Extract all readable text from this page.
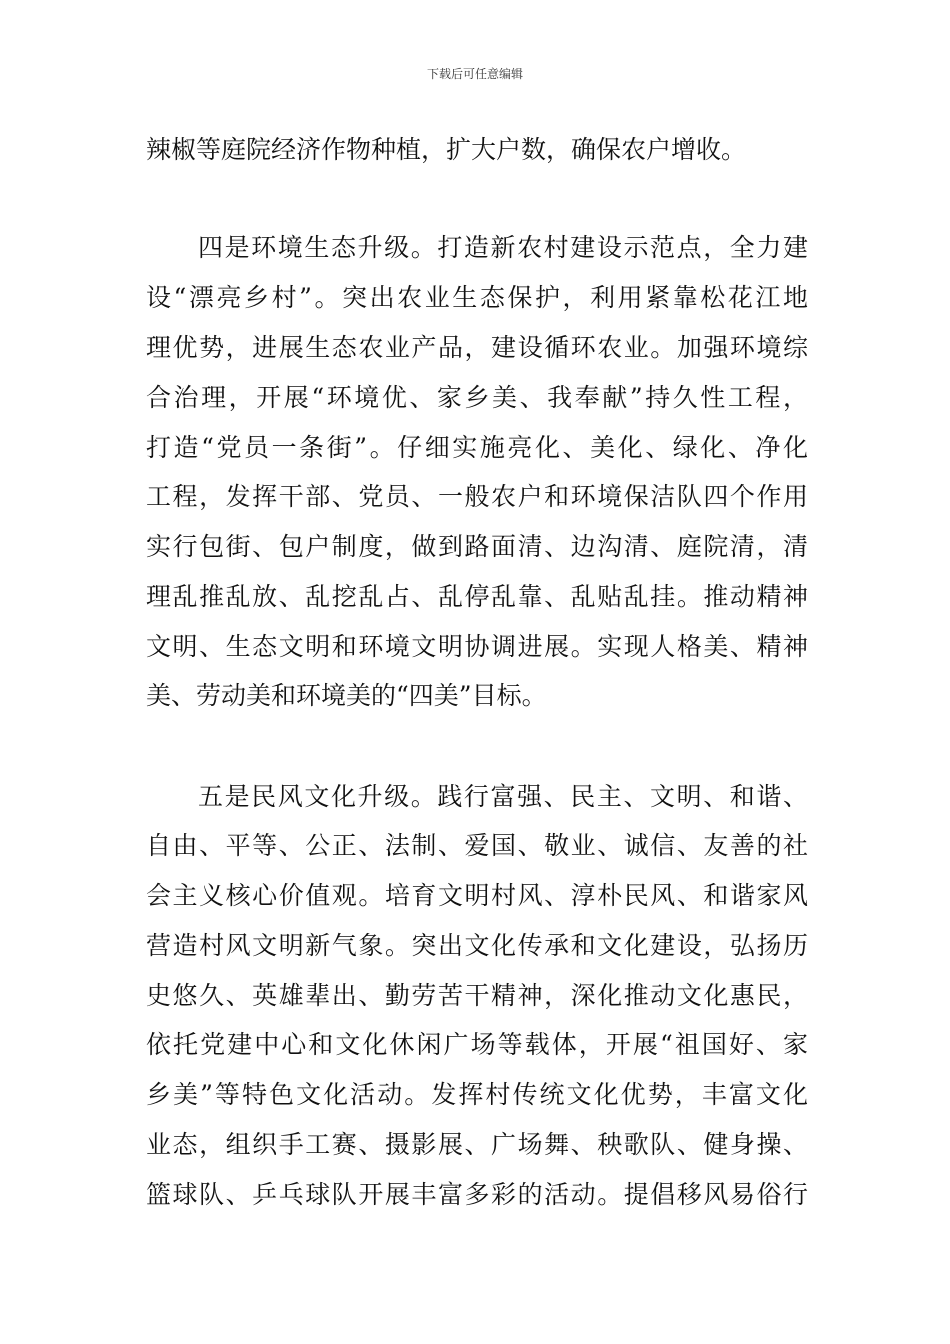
下载后可任意编辑
辣椒等庭院经济作物种植，扩大户数，确保农户增收。
四是环境生态升级。打造新农村建设示范点，全力建
设“漂亮乡村”。突出农业生态保护，利用紧靠松花江地
理优势，进展生态农业产品，建设循环农业。加强环境综
合治理，开展“环境优、家乡美、我奉献”持久性工程，
打造“党员一条街”。仔细实施亮化、美化、绿化、净化
工程，发挥干部、党员、一般农户和环境保洁队四个作用
实行包街、包户制度，做到路面清、边沟清、庭院清，清
理乱推乱放、乱挖乱占、乱停乱靠、乱贴乱挂。推动精神
文明、生态文明和环境文明协调进展。实现人格美、精神
美、劳动美和环境美的“四美”目标。
五是民风文化升级。践行富强、民主、文明、和谐、
自由、平等、公正、法制、爱国、敬业、诚信、友善的社
会主义核心价值观。培育文明村风、淳朴民风、和谐家风
营造村风文明新气象。突出文化传承和文化建设，弘扬历
史悠久、英雄辈出、勤劳苦干精神，深化推动文化惠民，
依托党建中心和文化休闲广场等载体，开展“祖国好、家
乡美”等特色文化活动。发挥村传统文化优势，丰富文化
业态，组织手工赛、摄影展、广场舞、秧歌队、健身操、
篮球队、乒乓球队开展丰富多彩的活动。提倡移风易俗行
